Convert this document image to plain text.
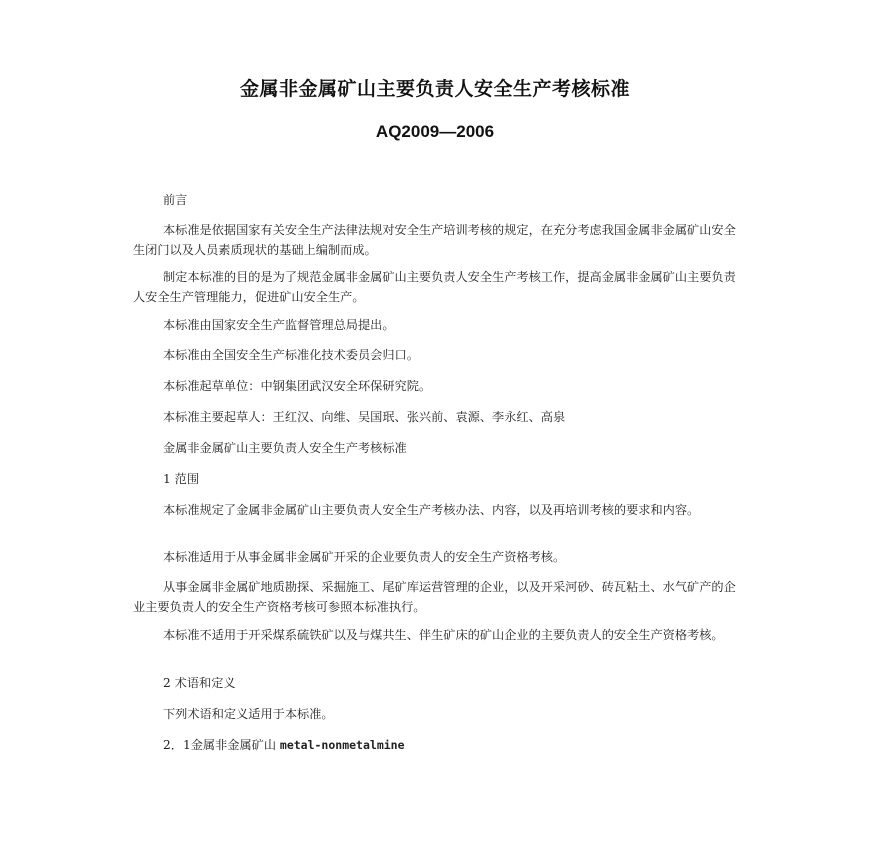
金属非金属矿山主要负责人安全生产考核标准
AQ2009—2006
前言
本标准是依据国家有关安全生产法律法规对安全生产培训考核的规定，在充分考虑我国金属非金属矿山安全生闭门以及人员素质现状的基础上编制而成。
制定本标准的目的是为了规范金属非金属矿山主要负责人安全生产考核工作，提高金属非金属矿山主要负责人安全生产管理能力，促进矿山安全生产。
本标准由国家安全生产监督管理总局提出。
本标准由全国安全生产标准化技术委员会归口。
本标准起草单位：中钢集团武汉安全环保研究院。
本标准主要起草人：王红汉、向维、吴国珉、张兴前、袁源、李永红、高泉
金属非金属矿山主要负责人安全生产考核标准
1 范围
本标准规定了金属非金属矿山主要负责人安全生产考核办法、内容，以及再培训考核的要求和内容。
本标准适用于从事金属非金属矿开采的企业要负责人的安全生产资格考核。
从事金属非金属矿地质勘探、采掘施工、尾矿库运营管理的企业，以及开采河砂、砖瓦粘土、水气矿产的企业主要负责人的安全生产资格考核可参照本标准执行。
本标准不适用于开采煤系硫铁矿以及与煤共生、伴生矿床的矿山企业的主要负责人的安全生产资格考核。
2 术语和定义
下列术语和定义适用于本标准。
2．1金属非金属矿山 metal-nonmetalmine
